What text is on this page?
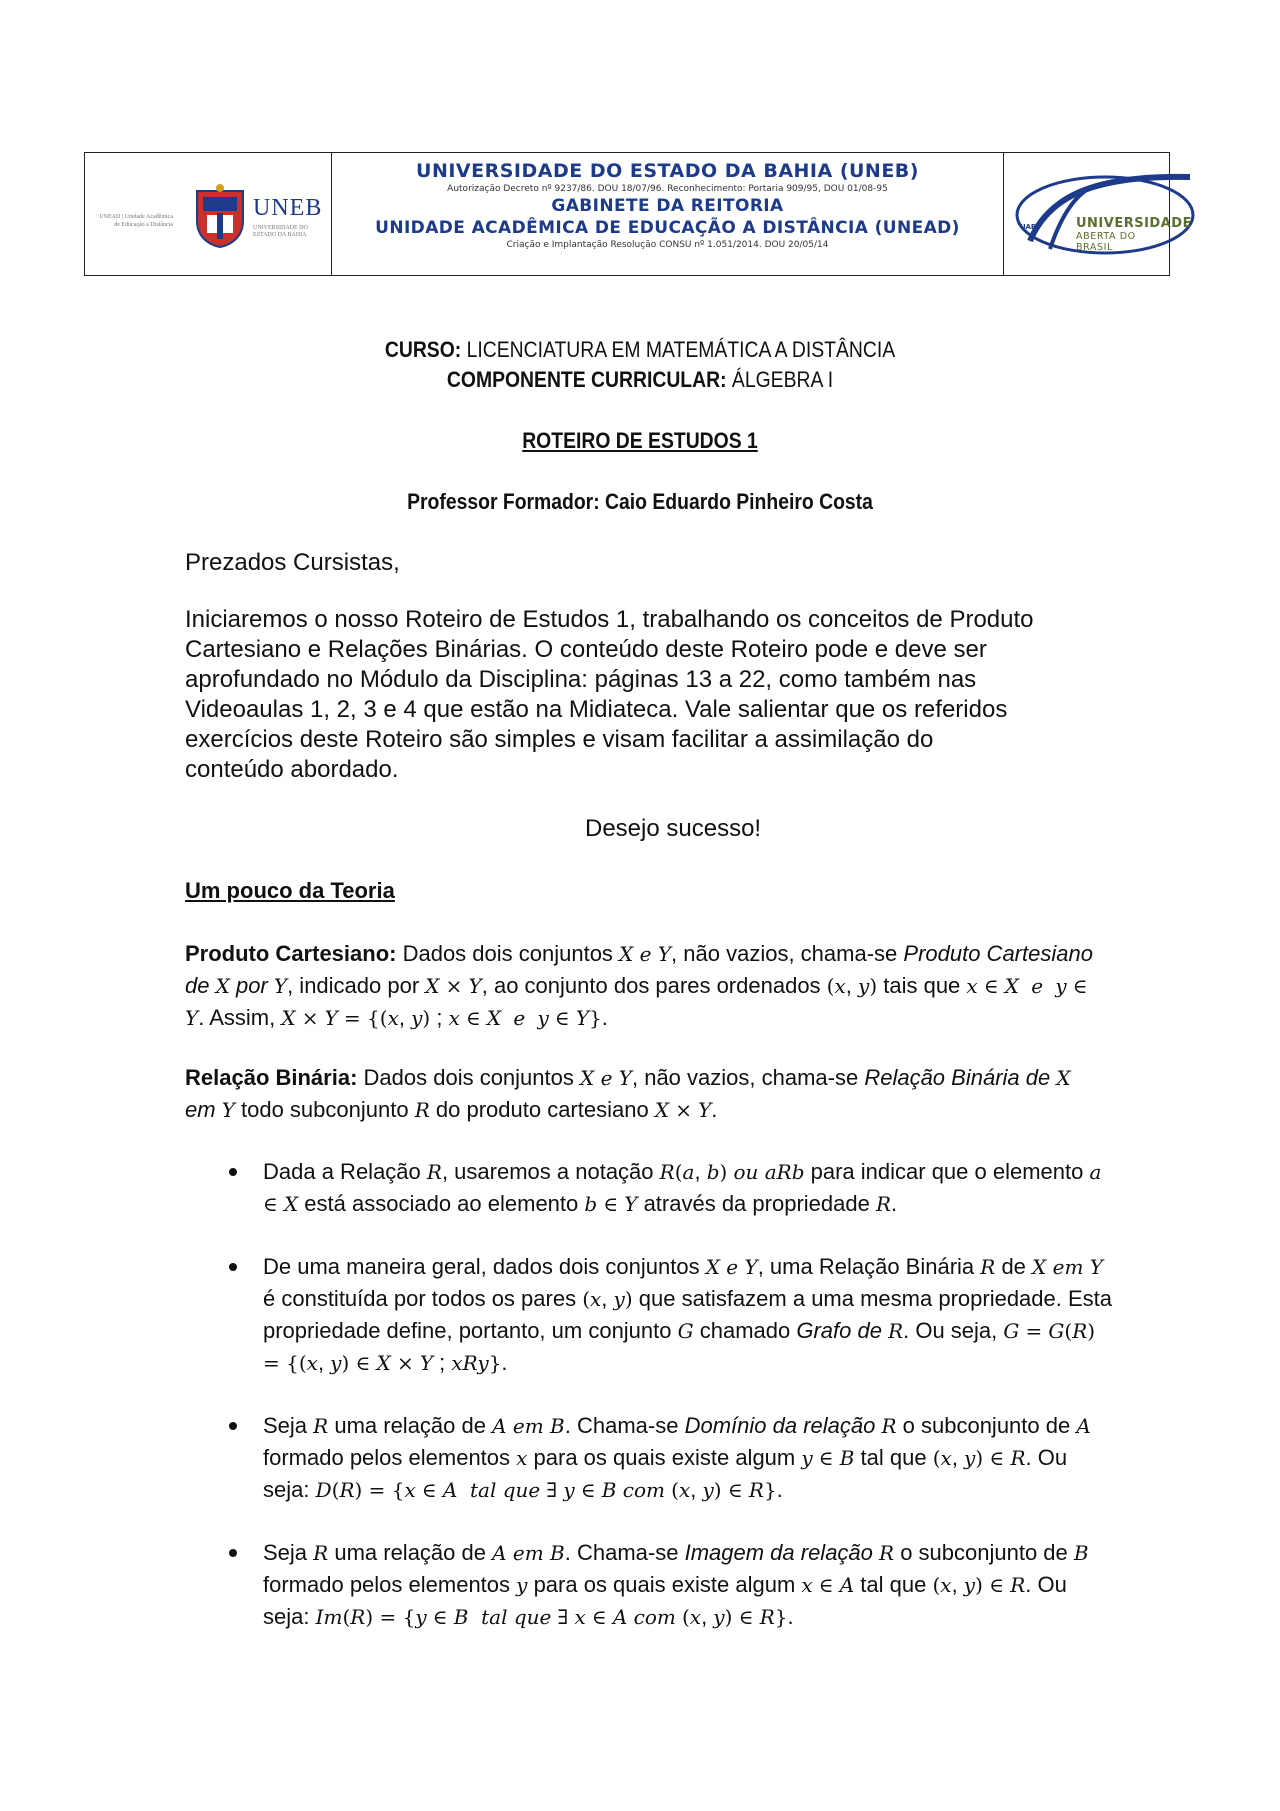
UNEAD | Unidade Acadêmica de Educação a Distância
UNEB
UNIVERSIDADE DO ESTADO DA BAHIA
UNIVERSIDADE DO ESTADO DA BAHIA (UNEB)
Autorização Decreto nº 9237/86. DOU 18/07/96. Reconhecimento: Portaria 909/95, DOU 01/08-95
GABINETE DA REITORIA
UNIDADE ACADÊMICA DE EDUCAÇÃO A DISTÂNCIA (UNEAD)
Criação e Implantação Resolução CONSU nº 1.051/2014. DOU 20/05/14
UAB	UNIVERSIDADE
ABERTA DO BRASIL
CURSO: LICENCIATURA EM MATEMÁTICA A DISTÂNCIA
COMPONENTE CURRICULAR: ÁLGEBRA I
ROTEIRO DE ESTUDOS 1
Professor Formador: Caio Eduardo Pinheiro Costa
Prezados Cursistas,
Iniciaremos o nosso Roteiro de Estudos 1, trabalhando os conceitos de Produto
Cartesiano e Relações Binárias. O conteúdo deste Roteiro pode e deve ser
aprofundado no Módulo da Disciplina: páginas 13 a 22, como também nas
Videoaulas 1, 2, 3 e 4 que estão na Midiateca. Vale salientar que os referidos
exercícios deste Roteiro são simples e visam facilitar a assimilação do
conteúdo abordado.
Desejo sucesso!
Um pouco da Teoria
Produto Cartesiano: Dados dois conjuntos X e Y, não vazios, chama-se Produto Cartesiano de X por Y, indicado por X × Y, ao conjunto dos pares ordenados (x, y) tais que x ∈ X e y ∈ Y. Assim, X × Y = {(x, y) ; x ∈ X e y ∈ Y}.
Relação Binária: Dados dois conjuntos X e Y, não vazios, chama-se Relação Binária de X em Y todo subconjunto R do produto cartesiano X × Y.
Dada a Relação R, usaremos a notação R(a, b) ou aRb para indicar que o elemento a ∈ X está associado ao elemento b ∈ Y através da propriedade R.
De uma maneira geral, dados dois conjuntos X e Y, uma Relação Binária R de X em Y é constituída por todos os pares (x, y) que satisfazem a uma mesma propriedade. Esta propriedade define, portanto, um conjunto G chamado Grafo de R. Ou seja, G = G(R) = {(x, y) ∈ X × Y ; xRy}.
Seja R uma relação de A em B. Chama-se Domínio da relação R o subconjunto de A formado pelos elementos x para os quais existe algum y ∈ B tal que (x, y) ∈ R. Ou seja: D(R) = {x ∈ A  tal que ∃ y ∈ B com (x, y) ∈ R}.
Seja R uma relação de A em B. Chama-se Imagem da relação R o subconjunto de B formado pelos elementos y para os quais existe algum x ∈ A tal que (x, y) ∈ R. Ou seja: Im(R) = {y ∈ B  tal que ∃ x ∈ A com (x, y) ∈ R}.
